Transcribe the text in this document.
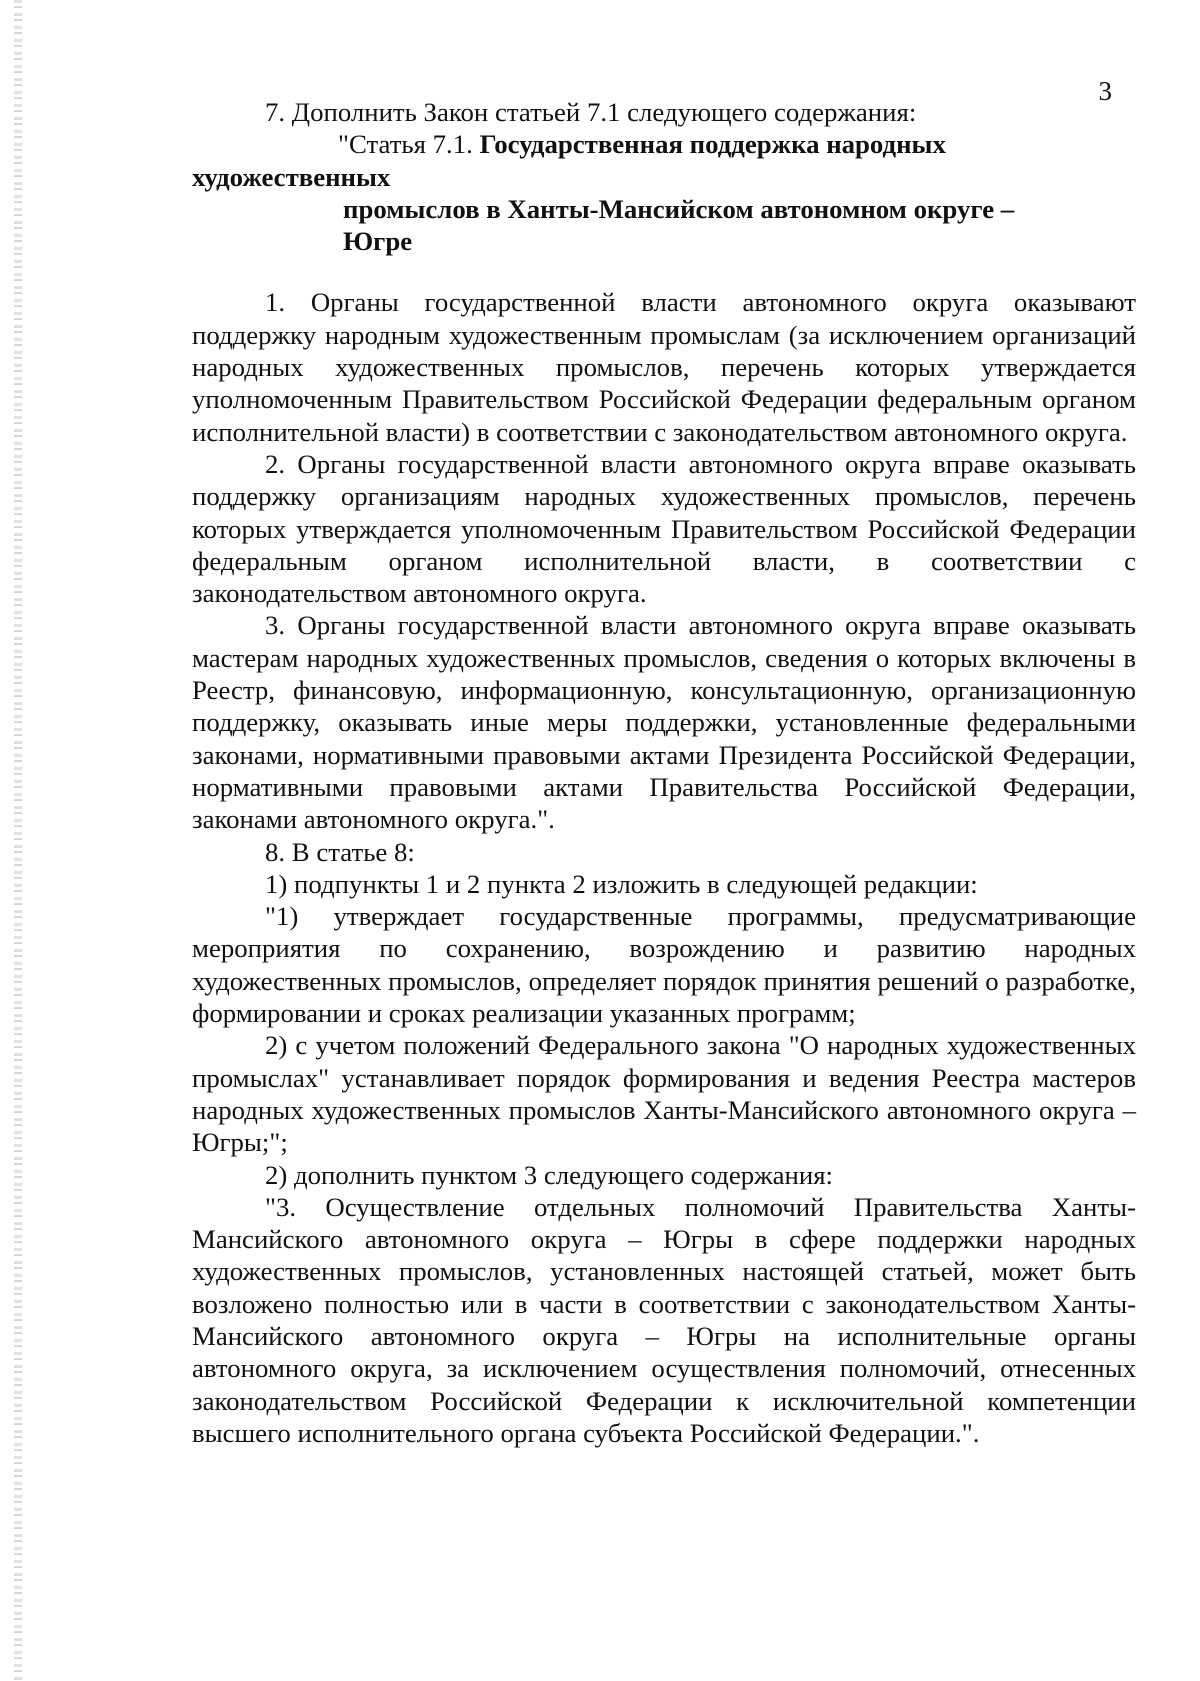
3

7. Дополнить Закон статьей 7.1 следующего содержания:

"Статья 7.1. Государственная поддержка народных художественных
промыслов в Ханты-Мансийском автономном округе –
Югре

1. Органы государственной власти автономного округа оказывают поддержку народным художественным промыслам (за исключением организаций народных художественных промыслов, перечень которых утверждается уполномоченным Правительством Российской Федерации федеральным органом исполнительной власти) в соответствии с законодательством автономного округа.

2. Органы государственной власти автономного округа вправе оказывать поддержку организациям народных художественных промыслов, перечень которых утверждается уполномоченным Правительством Российской Федерации федеральным органом исполнительной власти, в соответствии с законодательством автономного округа.

3. Органы государственной власти автономного округа вправе оказывать мастерам народных художественных промыслов, сведения о которых включены в Реестр, финансовую, информационную, консультационную, организационную поддержку, оказывать иные меры поддержки, установленные федеральными законами, нормативными правовыми актами Президента Российской Федерации, нормативными правовыми актами Правительства Российской Федерации, законами автономного округа.".

8. В статье 8:

1) подпункты 1 и 2 пункта 2 изложить в следующей редакции:

"1) утверждает государственные программы, предусматривающие мероприятия по сохранению, возрождению и развитию народных художественных промыслов, определяет порядок принятия решений о разработке, формировании и сроках реализации указанных программ;

2) с учетом положений Федерального закона "О народных художественных промыслах" устанавливает порядок формирования и ведения Реестра мастеров народных художественных промыслов Ханты-Мансийского автономного округа – Югры;";

2) дополнить пунктом 3 следующего содержания:

"3. Осуществление отдельных полномочий Правительства Ханты-Мансийского автономного округа – Югры в сфере поддержки народных художественных промыслов, установленных настоящей статьей, может быть возложено полностью или в части в соответствии с законодательством Ханты-Мансийского автономного округа – Югры на исполнительные органы автономного округа, за исключением осуществления полномочий, отнесенных законодательством Российской Федерации к исключительной компетенции высшего исполнительного органа субъекта Российской Федерации.".
